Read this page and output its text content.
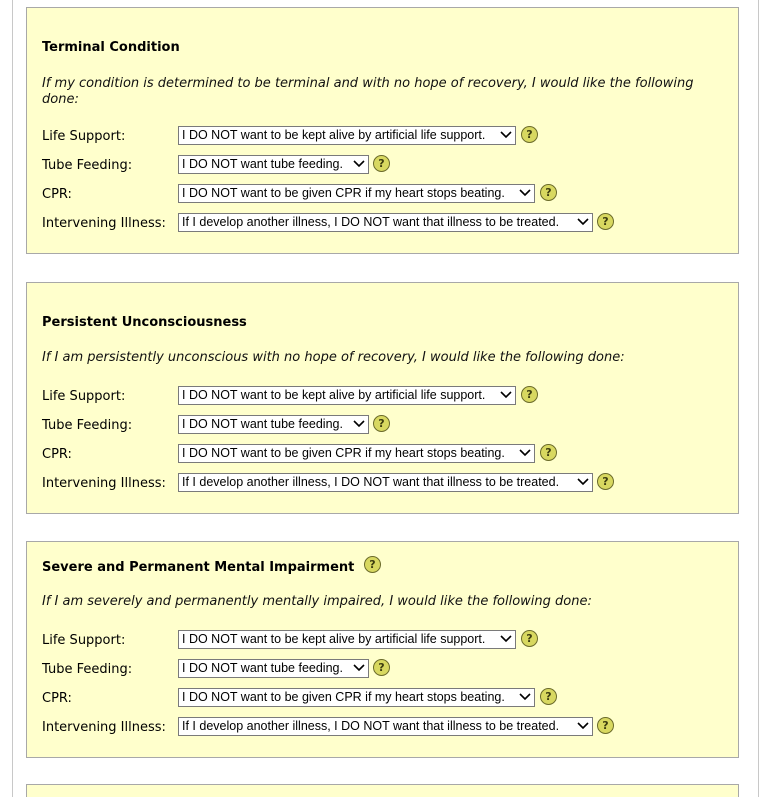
Terminal Condition
If my condition is determined to be terminal and with no hope of recovery, I would like the following done:
Life Support:	I DO NOT want to be kept alive by artificial life support.	?
Tube Feeding:	I DO NOT want tube feeding.	?
CPR:	I DO NOT want to be given CPR if my heart stops beating.	?
Intervening Illness:	If I develop another illness, I DO NOT want that illness to be treated.	?
Persistent Unconsciousness
If I am persistently unconscious with no hope of recovery, I would like the following done:
Life Support:	I DO NOT want to be kept alive by artificial life support.	?
Tube Feeding:	I DO NOT want tube feeding.	?
CPR:	I DO NOT want to be given CPR if my heart stops beating.	?
Intervening Illness:	If I develop another illness, I DO NOT want that illness to be treated.	?
Severe and Permanent Mental Impairment	?
If I am severely and permanently mentally impaired, I would like the following done:
Life Support:	I DO NOT want to be kept alive by artificial life support.	?
Tube Feeding:	I DO NOT want tube feeding.	?
CPR:	I DO NOT want to be given CPR if my heart stops beating.	?
Intervening Illness:	If I develop another illness, I DO NOT want that illness to be treated.	?
